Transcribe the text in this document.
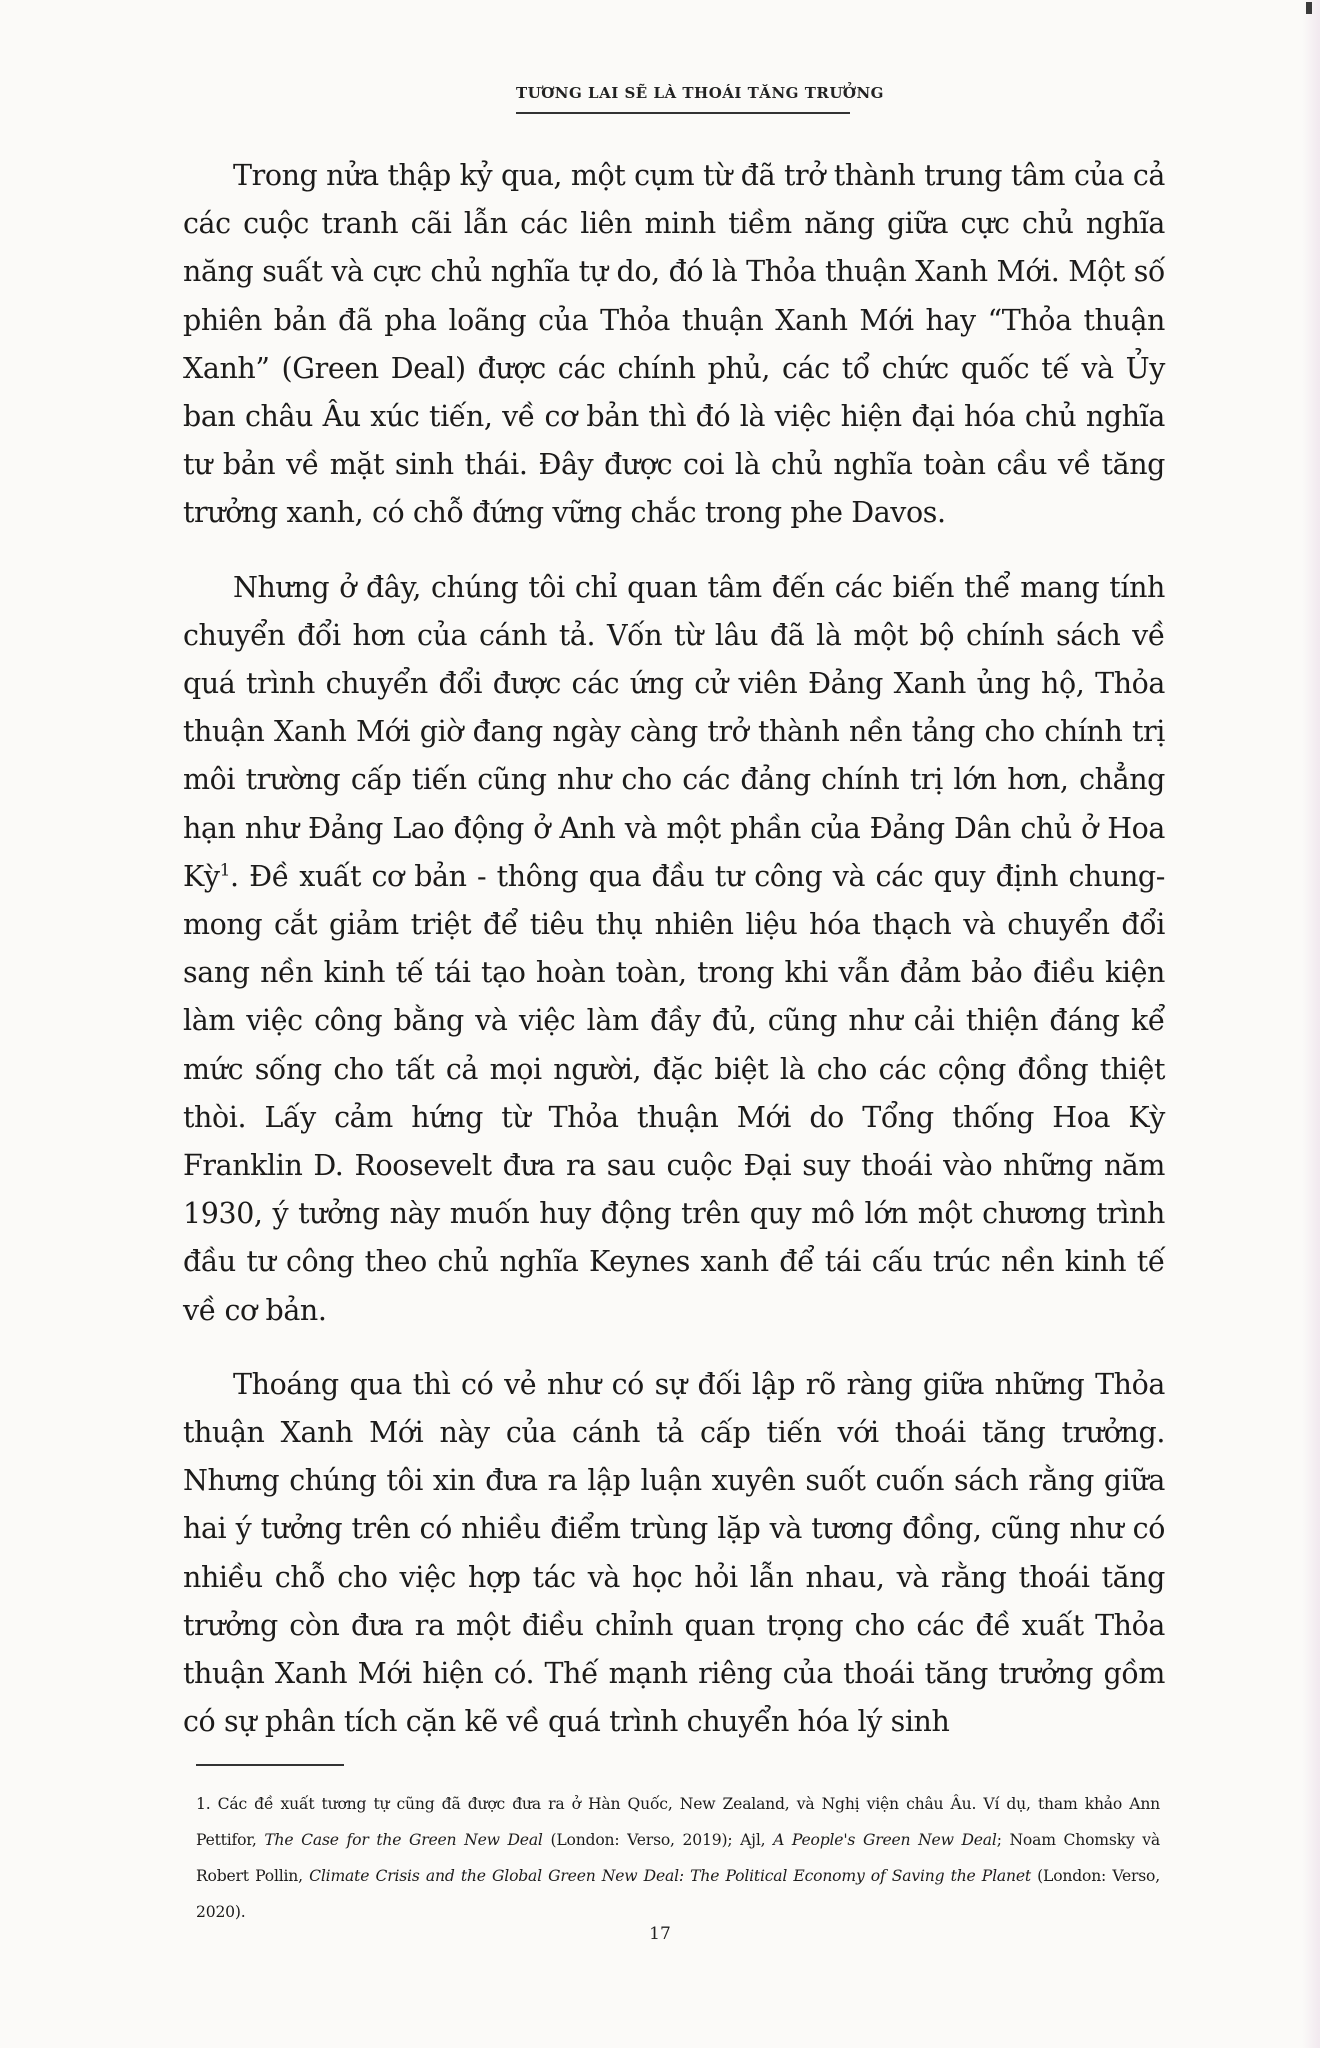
TƯƠNG LAI SẼ LÀ THOÁI TĂNG TRƯỞNG

Trong nửa thập kỷ qua, một cụm từ đã trở thành trung tâm của cả các cuộc tranh cãi lẫn các liên minh tiềm năng giữa cực chủ nghĩa năng suất và cực chủ nghĩa tự do, đó là Thỏa thuận Xanh Mới. Một số phiên bản đã pha loãng của Thỏa thuận Xanh Mới hay “Thỏa thuận Xanh” (Green Deal) được các chính phủ, các tổ chức quốc tế và Ủy ban châu Âu xúc tiến, về cơ bản thì đó là việc hiện đại hóa chủ nghĩa tư bản về mặt sinh thái. Đây được coi là chủ nghĩa toàn cầu về tăng trưởng xanh, có chỗ đứng vững chắc trong phe Davos.

Nhưng ở đây, chúng tôi chỉ quan tâm đến các biến thể mang tính chuyển đổi hơn của cánh tả. Vốn từ lâu đã là một bộ chính sách về quá trình chuyển đổi được các ứng cử viên Đảng Xanh ủng hộ, Thỏa thuận Xanh Mới giờ đang ngày càng trở thành nền tảng cho chính trị môi trường cấp tiến cũng như cho các đảng chính trị lớn hơn, chẳng hạn như Đảng Lao động ở Anh và một phần của Đảng Dân chủ ở Hoa Kỳ$^1$. Đề xuất cơ bản - thông qua đầu tư công và các quy định chung- mong cắt giảm triệt để tiêu thụ nhiên liệu hóa thạch và chuyển đổi sang nền kinh tế tái tạo hoàn toàn, trong khi vẫn đảm bảo điều kiện làm việc công bằng và việc làm đầy đủ, cũng như cải thiện đáng kể mức sống cho tất cả mọi người, đặc biệt là cho các cộng đồng thiệt thòi. Lấy cảm hứng từ Thỏa thuận Mới do Tổng thống Hoa Kỳ Franklin D. Roosevelt đưa ra sau cuộc Đại suy thoái vào những năm 1930, ý tưởng này muốn huy động trên quy mô lớn một chương trình đầu tư công theo chủ nghĩa Keynes xanh để tái cấu trúc nền kinh tế về cơ bản.

Thoáng qua thì có vẻ như có sự đối lập rõ ràng giữa những Thỏa thuận Xanh Mới này của cánh tả cấp tiến với thoái tăng trưởng. Nhưng chúng tôi xin đưa ra lập luận xuyên suốt cuốn sách rằng giữa hai ý tưởng trên có nhiều điểm trùng lặp và tương đồng, cũng như có nhiều chỗ cho việc hợp tác và học hỏi lẫn nhau, và rằng thoái tăng trưởng còn đưa ra một điều chỉnh quan trọng cho các đề xuất Thỏa thuận Xanh Mới hiện có. Thế mạnh riêng của thoái tăng trưởng gồm có sự phân tích cặn kẽ về quá trình chuyển hóa lý sinh

1. Các đề xuất tương tự cũng đã được đưa ra ở Hàn Quốc, New Zealand, và Nghị viện châu Âu. Ví dụ, tham khảo Ann Pettifor, The Case for the Green New Deal (London: Verso, 2019); Ajl, A People's Green New Deal; Noam Chomsky và Robert Pollin, Climate Crisis and the Global Green New Deal: The Political Economy of Saving the Planet (London: Verso, 2020).
17
